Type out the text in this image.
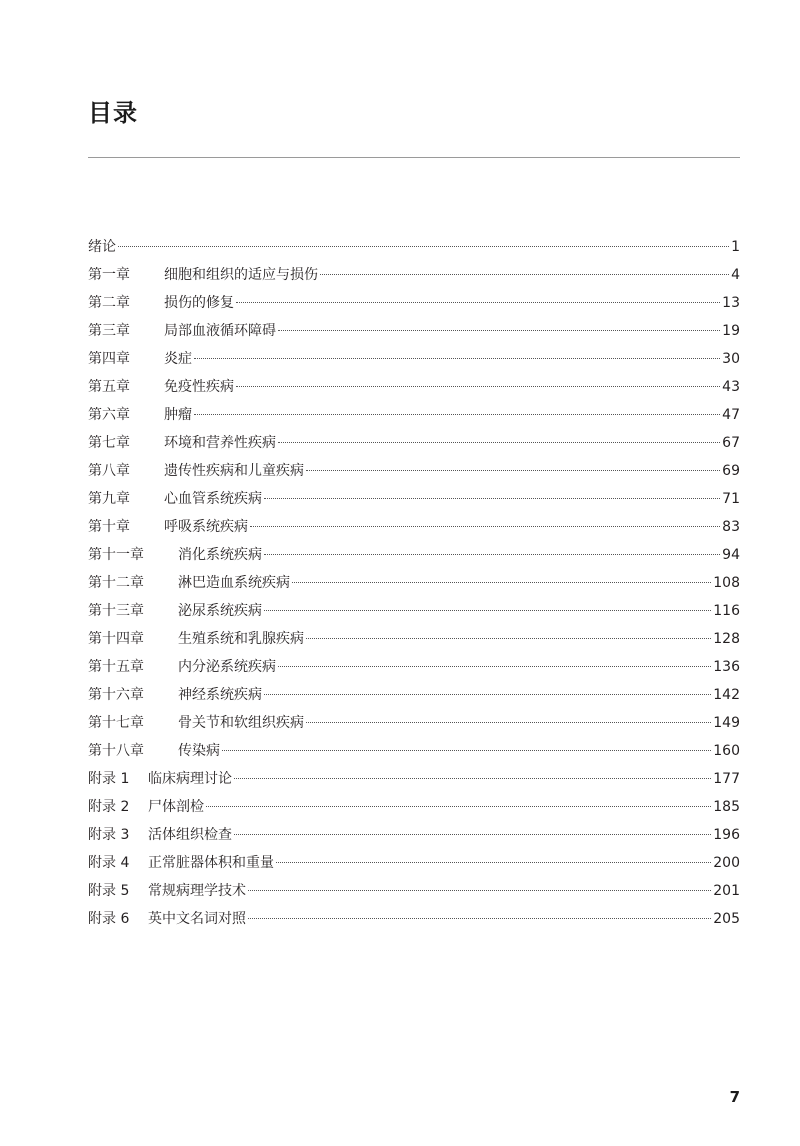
目录
绪论	1
第一章	细胞和组织的适应与损伤	4
第二章	损伤的修复	13
第三章	局部血液循环障碍	19
第四章	炎症	30
第五章	免疫性疾病	43
第六章	肿瘤	47
第七章	环境和营养性疾病	67
第八章	遗传性疾病和儿童疾病	69
第九章	心血管系统疾病	71
第十章	呼吸系统疾病	83
第十一章	消化系统疾病	94
第十二章	淋巴造血系统疾病	108
第十三章	泌尿系统疾病	116
第十四章	生殖系统和乳腺疾病	128
第十五章	内分泌系统疾病	136
第十六章	神经系统疾病	142
第十七章	骨关节和软组织疾病	149
第十八章	传染病	160
附录 1	临床病理讨论	177
附录 2	尸体剖检	185
附录 3	活体组织检查	196
附录 4	正常脏器体积和重量	200
附录 5	常规病理学技术	201
附录 6	英中文名词对照	205
7
